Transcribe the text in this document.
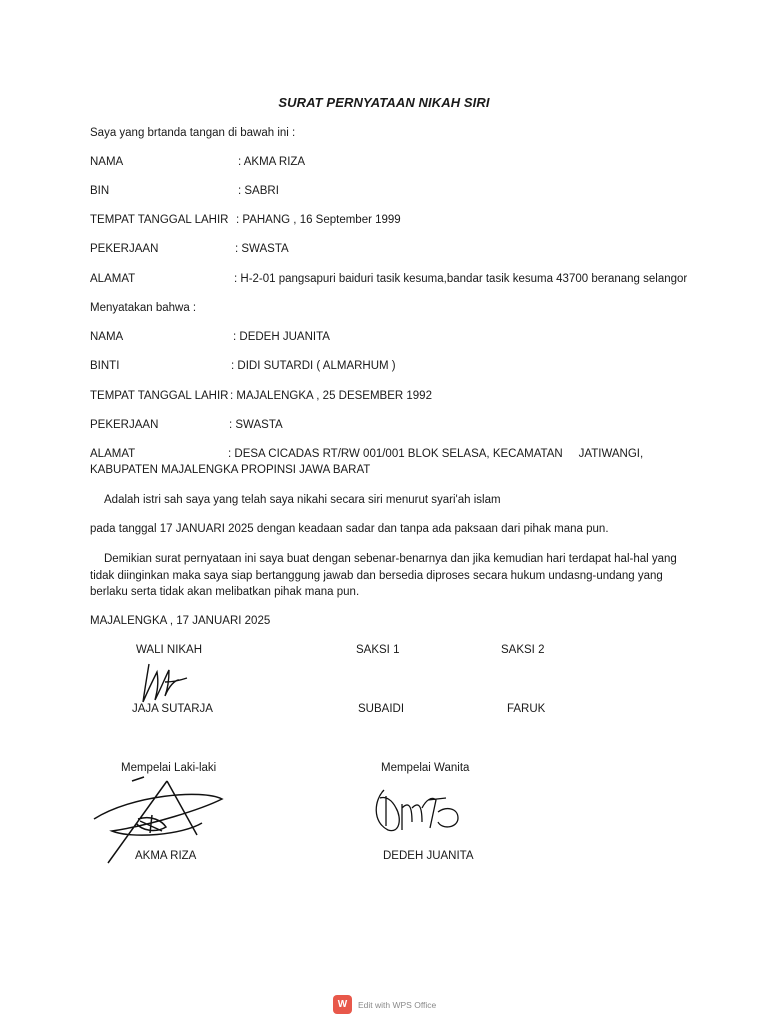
SURAT PERNYATAAN NIKAH SIRI
Saya yang brtanda tangan di bawah ini :
NAMA	: AKMA RIZA
BIN	: SABRI
TEMPAT TANGGAL LAHIR : PAHANG , 16 September 1999
PEKERJAAN	: SWASTA
ALAMAT	: H-2-01 pangsapuri baiduri tasik kesuma,bandar tasik kesuma 43700 beranang selangor
Menyatakan bahwa :
NAMA	: DEDEH JUANITA
BINTI	: DIDI SUTARDI ( ALMARHUM )
TEMPAT TANGGAL LAHIR : MAJALENGKA , 25 DESEMBER 1992
PEKERJAAN	: SWASTA
ALAMAT	: DESA CICADAS RT/RW 001/001 BLOK SELASA, KECAMATAN     JATIWANGI,
KABUPATEN MAJALENGKA PROPINSI JAWA BARAT
Adalah istri sah saya yang telah saya nikahi secara siri menurut syari'ah islam
pada tanggal 17 JANUARI 2025 dengan keadaan sadar dan tanpa ada paksaan dari pihak mana pun.
Demikian surat pernyataan ini saya buat dengan sebenar-benarnya dan jika kemudian hari terdapat hal-hal yang
tidak diinginkan maka saya siap bertanggung jawab dan bersedia diproses secara hukum undasng-undang yang
berlaku serta tidak akan melibatkan pihak mana pun.
MAJALENGKA , 17 JANUARI 2025
WALI NIKAH	SAKSI 1	SAKSI 2
JAJA SUTARJA	SUBAIDI	FARUK
Mempelai Laki-laki	Mempelai Wanita
AKMA RIZA	DEDEH JUANITA
W	Edit with WPS Office
